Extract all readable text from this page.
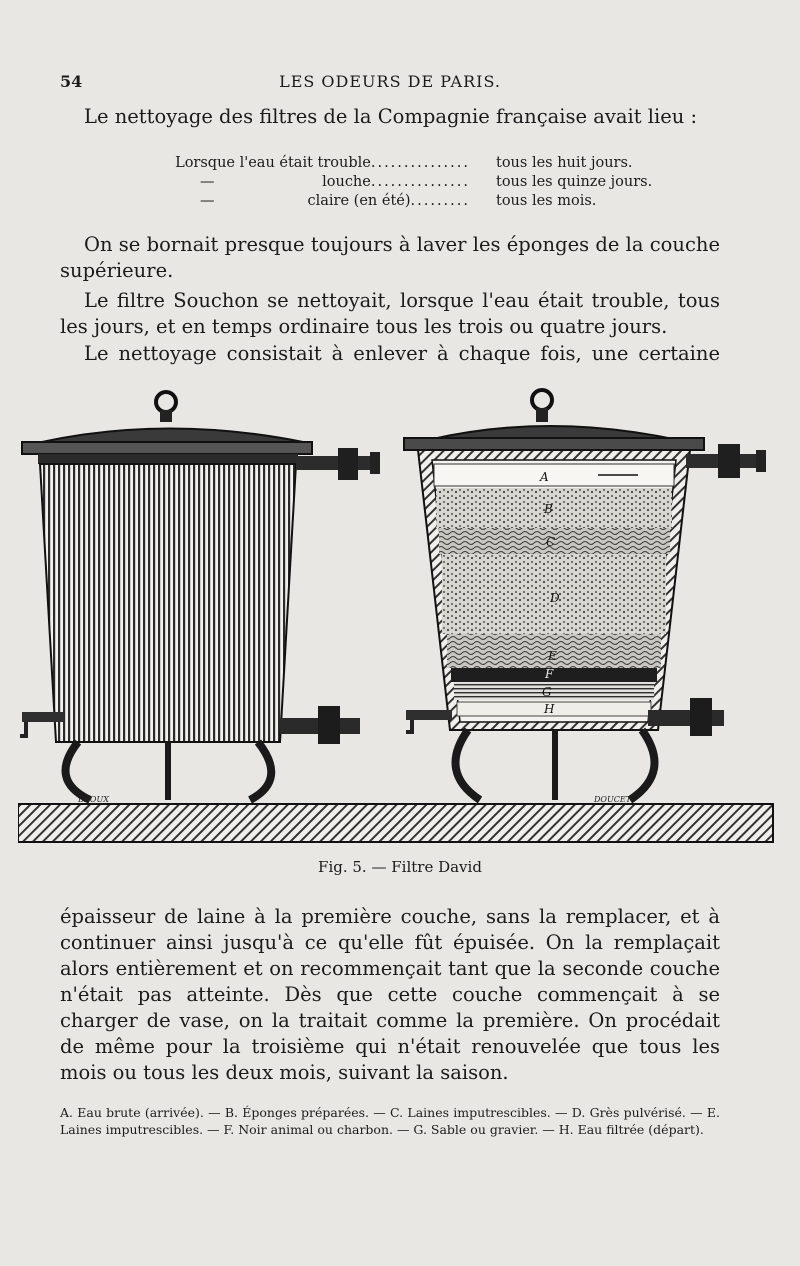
54	LES ODEURS DE PARIS.
Le nettoyage des filtres de la Compagnie française avait lieu :
Lorsque l'eau était trouble............... tous les huit jours.
—	louche............... tous les quinze jours.
—	claire (en été)......... tous les mois.
On se bornait presque toujours à laver les éponges de la couche supérieure.
Le filtre Souchon se nettoyait, lorsque l'eau était trouble, tous les jours, et en temps ordinaire tous les trois ou quatre jours.
Le nettoyage consistait à enlever à chaque fois, une certaine
A
B
C
D
E
F
G
H
BROUX	DOUCET
Fig. 5. — Filtre David
épaisseur de laine à la première couche, sans la remplacer, et à continuer ainsi jusqu'à ce qu'elle fût épuisée. On la remplaçait alors entièrement et on recommençait tant que la seconde couche n'était pas atteinte. Dès que cette couche commençait à se charger de vase, on la traitait comme la première. On procédait de même pour la troisième qui n'était renouvelée que tous les mois ou tous les deux mois, suivant la saison.
A. Eau brute (arrivée). — B. Éponges préparées. — C. Laines imputrescibles. — D. Grès pulvérisé. — E. Laines imputrescibles. — F. Noir animal ou charbon. — G. Sable ou gravier. — H. Eau filtrée (départ).
